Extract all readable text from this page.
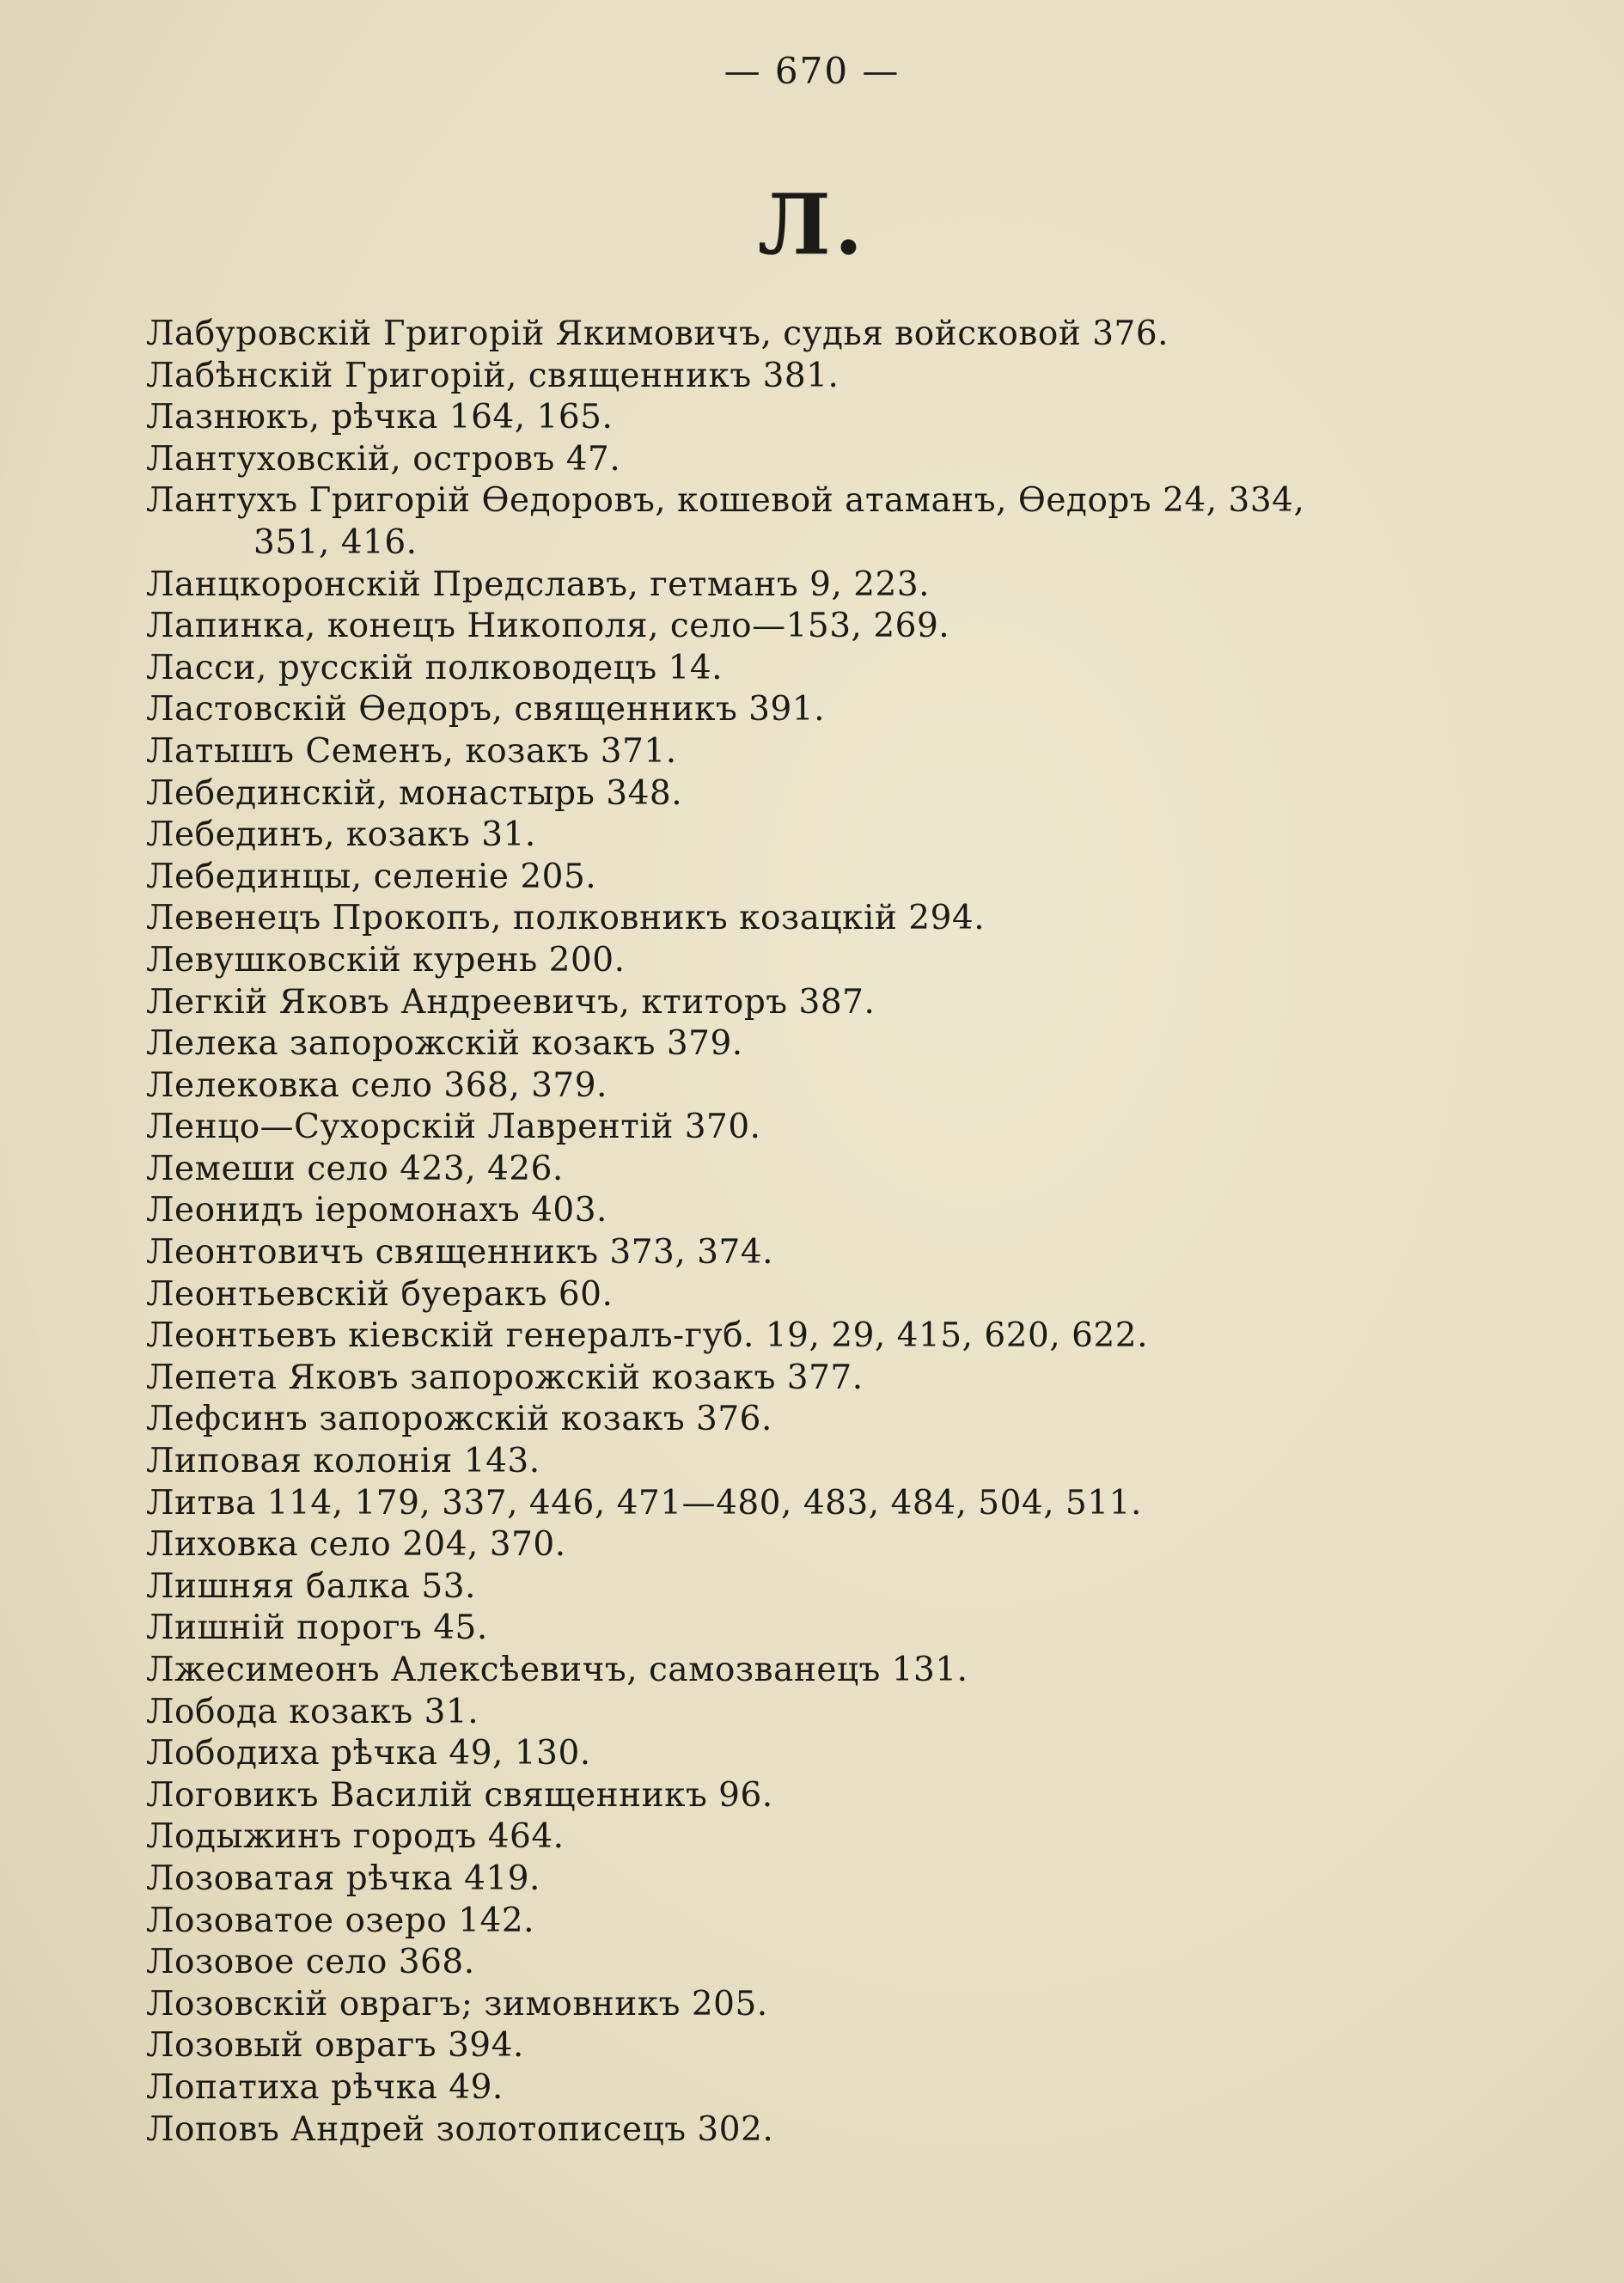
— 670 —
Л.
Лабуровскій Григорій Якимовичъ, судья войсковой 376.
Лабѣнскій Григорій, священникъ 381.
Лазнюкъ, рѣчка 164, 165.
Лантуховскій, островъ 47.
Лантухъ Григорій Өедоровъ, кошевой атаманъ, Өедоръ 24, 334,
351, 416.
Ланцкоронскій Предславъ, гетманъ 9, 223.
Лапинка, конецъ Никополя, село—153, 269.
Ласси, русскій полководецъ 14.
Ластовскій Өедоръ, священникъ 391.
Латышъ Семенъ, козакъ 371.
Лебединскій, монастырь 348.
Лебединъ, козакъ 31.
Лебединцы, селеніе 205.
Левенецъ Прокопъ, полковникъ козацкій 294.
Левушковскій курень 200.
Легкій Яковъ Андреевичъ, ктиторъ 387.
Лелека запорожскій козакъ 379.
Лелековка село 368, 379.
Ленцо—Сухорскій Лаврентій 370.
Лемеши село 423, 426.
Леонидъ іеромонахъ 403.
Леонтовичъ священникъ 373, 374.
Леонтьевскій буеракъ 60.
Леонтьевъ кіевскій генералъ-губ. 19, 29, 415, 620, 622.
Лепета Яковъ запорожскій козакъ 377.
Лефсинъ запорожскій козакъ 376.
Липовая колонія 143.
Литва 114, 179, 337, 446, 471—480, 483, 484, 504, 511.
Лиховка село 204, 370.
Лишняя балка 53.
Лишній порогъ 45.
Лжесимеонъ Алексѣевичъ, самозванецъ 131.
Лобода козакъ 31.
Лободиха рѣчка 49, 130.
Логовикъ Василій священникъ 96.
Лодыжинъ городъ 464.
Лозоватая рѣчка 419.
Лозоватое озеро 142.
Лозовое село 368.
Лозовскій оврагъ; зимовникъ 205.
Лозовый оврагъ 394.
Лопатиха рѣчка 49.
Лоповъ Андрей золотописецъ 302.
